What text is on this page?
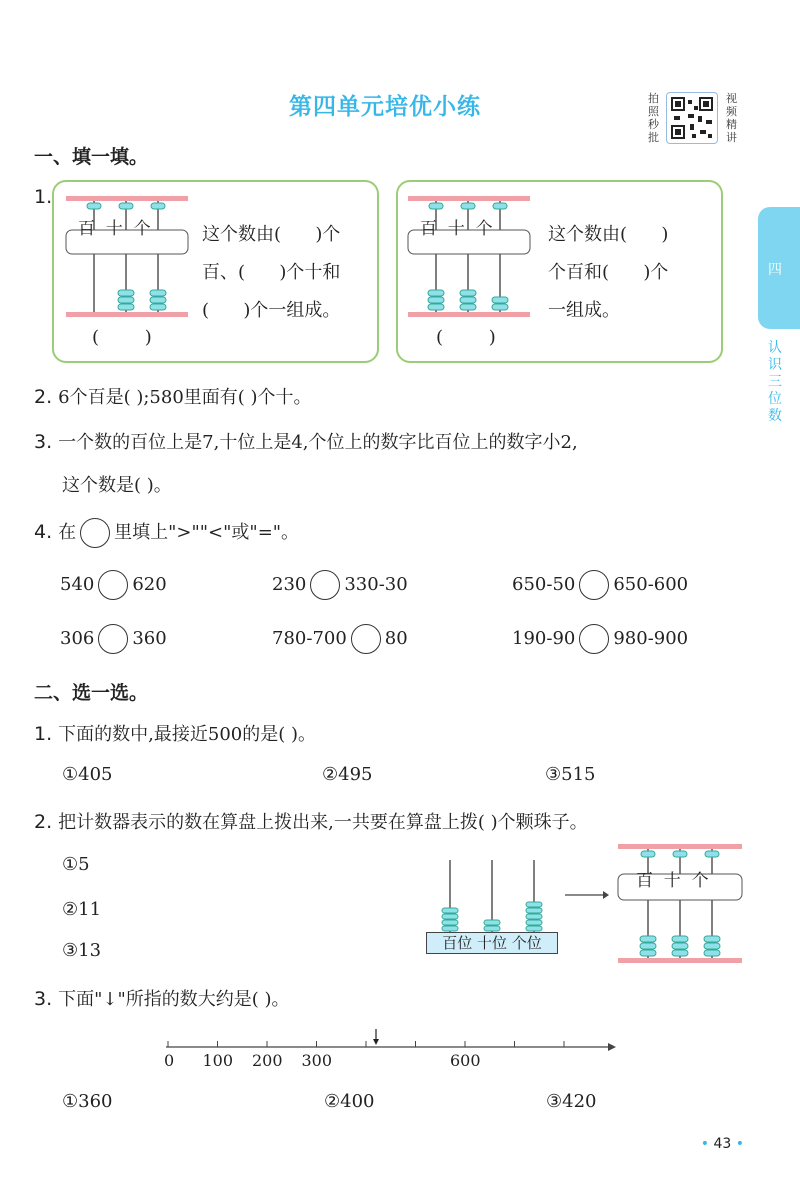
第四单元培优小练	拍照秒批
视频精讲
四
认识三位数
一、填一填。
1.
百  十  个
(        )
这个数由(      )个
百、(      )个十和
(      )个一组成。
百  十  个
(        )
这个数由(      )
个百和(      )个
一组成。
2. 6个百是( );580里面有( )个十。
3. 一个数的百位上是7,十位上是4,个位上的数字比百位上的数字小2,
这个数是( )。
4. 在 里填上">""<"或"="。
540 620	230 330-30	650-50 650-600
306 360	780-700 80	190-90 980-900
二、选一选。
1. 下面的数中,最接近500的是( )。
①405	②495	③515
2. 把计数器表示的数在算盘上拨出来,一共要在算盘上拨( )个颗珠子。
①5
②11
③13	百位 十位 个位
百  十  个
3. 下面"↓"所指的数大约是( )。
0 100 200 300	600
①360	②400	③420
• 43 •
